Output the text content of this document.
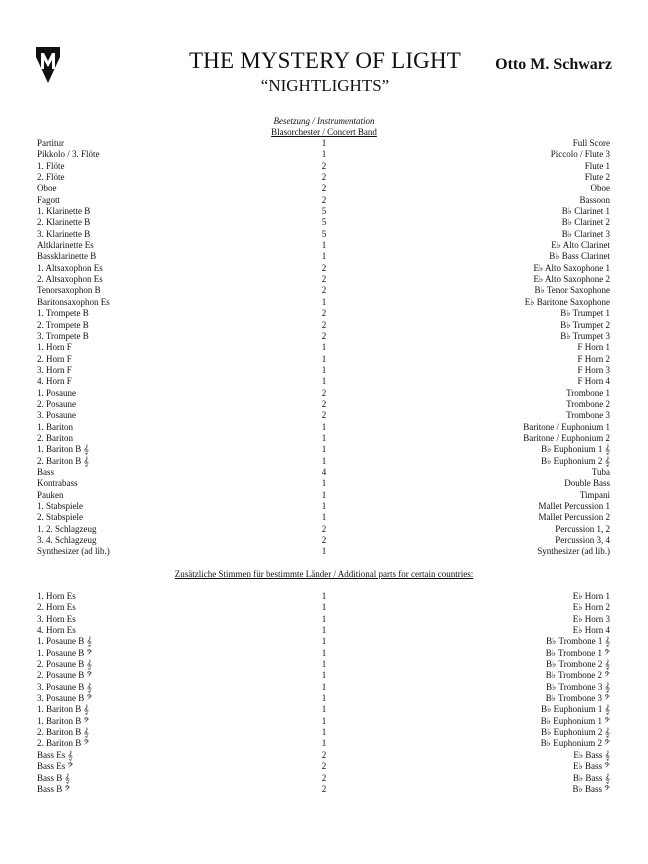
THE MYSTERY OF LIGHT
“NIGHTLIGHTS”
Otto M. Schwarz
Besetzung / Instrumentation
Blasorchester / Concert Band
Partitur	1	Full Score
Pikkolo / 3. Flöte	1	Piccolo / Flute 3
1. Flöte	2	Flute 1
2. Flöte	2	Flute 2
Oboe	2	Oboe
Fagott	2	Bassoon
1. Klarinette B	5	B♭ Clarinet 1
2. Klarinette B	5	B♭ Clarinet 2
3. Klarinette B	5	B♭ Clarinet 3
Altklarinette Es	1	E♭ Alto Clarinet
Bassklarinette B	1	B♭ Bass Clarinet
1. Altsaxophon Es	2	E♭ Alto Saxophone 1
2. Altsaxophon Es	2	E♭ Alto Saxophone 2
Tenorsaxophon B	2	B♭ Tenor Saxophone
Baritonsaxophon Es	1	E♭ Baritone Saxophone
1. Trompete B	2	B♭ Trumpet 1
2. Trompete B	2	B♭ Trumpet 2
3. Trompete B	2	B♭ Trumpet 3
1. Horn F	1	F Horn 1
2. Horn F	1	F Horn 2
3. Horn F	1	F Horn 3
4. Horn F	1	F Horn 4
1. Posaune	2	Trombone 1
2. Posaune	2	Trombone 2
3. Posaune	2	Trombone 3
1. Bariton	1	Baritone / Euphonium 1
2. Bariton	1	Baritone / Euphonium 2
1. Bariton B 𝄞	1	B♭ Euphonium 1 𝄞
2. Bariton B 𝄞	1	B♭ Euphonium 2 𝄞
Bass	4	Tuba
Kontrabass	1	Double Bass
Pauken	1	Timpani
1. Stabspiele	1	Mallet Percussion 1
2. Stabspiele	1	Mallet Percussion 2
1. 2. Schlagzeug	2	Percussion 1, 2
3. 4. Schlagzeug	2	Percussion 3, 4
Synthesizer (ad lib.)	1	Synthesizer (ad lib.)
Zusätzliche Stimmen für bestimmte Länder / Additional parts for certain countries:
1. Horn Es	1	E♭ Horn 1
2. Horn Es	1	E♭ Horn 2
3. Horn Es	1	E♭ Horn 3
4. Horn Es	1	E♭ Horn 4
1. Posaune B 𝄞	1	B♭ Trombone 1 𝄞
1. Posaune B 𝄢	1	B♭ Trombone 1 𝄢
2. Posaune B 𝄞	1	B♭ Trombone 2 𝄞
2. Posaune B 𝄢	1	B♭ Trombone 2 𝄢
3. Posaune B 𝄞	1	B♭ Trombone 3 𝄞
3. Posaune B 𝄢	1	B♭ Trombone 3 𝄢
1. Bariton B 𝄞	1	B♭ Euphonium 1 𝄞
1. Bariton B 𝄢	1	B♭ Euphonium 1 𝄢
2. Bariton B 𝄞	1	B♭ Euphonium 2 𝄞
2. Bariton B 𝄢	1	B♭ Euphonium 2 𝄢
Bass Es 𝄞	2	E♭ Bass 𝄞
Bass Es 𝄢	2	E♭ Bass 𝄢
Bass B 𝄞	2	B♭ Bass 𝄞
Bass B 𝄢	2	B♭ Bass 𝄢
